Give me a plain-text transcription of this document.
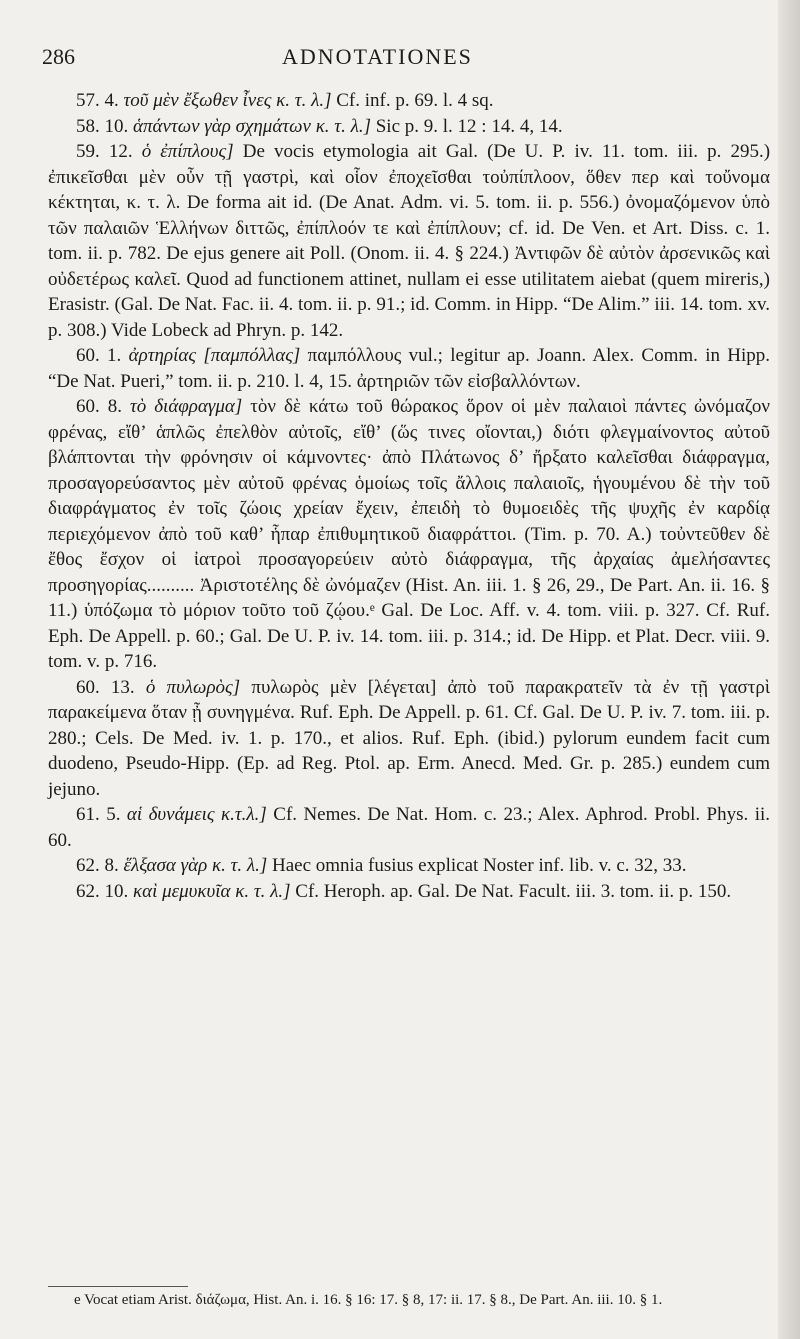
286	ADNOTATIONES

57. 4. τοῦ μὲν ἔξωθεν ἶνες κ. τ. λ.] Cf. inf. p. 69. l. 4 sq.

58. 10. ἁπάντων γὰρ σχημάτων κ. τ. λ.] Sic p. 9. l. 12 : 14. 4, 14.

59. 12. ὁ ἐπίπλους] De vocis etymologia ait Gal. (De U. P. iv. 11. tom. iii. p. 295.) ἐπικεῖσθαι μὲν οὖν τῇ γαστρὶ, καὶ οἷον ἐποχεῖσθαι τοὐπίπλοον, ὅθεν περ καὶ τοὔνομα κέκτηται, κ. τ. λ. De forma ait id. (De Anat. Adm. vi. 5. tom. ii. p. 556.) ὀνομαζόμενον ὑπὸ τῶν παλαιῶν Ἑλλήνων διττῶς, ἐπίπλοόν τε καὶ ἐπίπλουν; cf. id. De Ven. et Art. Diss. c. 1. tom. ii. p. 782. De ejus genere ait Poll. (Onom. ii. 4. § 224.) Ἀντιφῶν δὲ αὐτὸν ἀρσενικῶς καὶ οὐδετέρως καλεῖ. Quod ad functionem attinet, nullam ei esse utilitatem aiebat (quem mireris,) Erasistr. (Gal. De Nat. Fac. ii. 4. tom. ii. p. 91.; id. Comm. in Hipp. “De Alim.” iii. 14. tom. xv. p. 308.) Vide Lobeck ad Phryn. p. 142.

60. 1. ἀρτηρίας [παμπόλλας] παμπόλλους vul.; legitur ap. Joann. Alex. Comm. in Hipp. “De Nat. Pueri,” tom. ii. p. 210. l. 4, 15. ἀρτηριῶν τῶν εἰσβαλλόντων.

60. 8. τὸ διάφραγμα] τὸν δὲ κάτω τοῦ θώρακος ὅρον οἱ μὲν παλαιοὶ πάντες ὠνόμαζον φρένας, εἴθ’ ἁπλῶς ἐπελθὸν αὐτοῖς, εἴθ’ (ὥς τινες οἴονται,) διότι φλεγμαίνοντος αὐτοῦ βλάπτονται τὴν φρόνησιν οἱ κάμνοντες· ἀπὸ Πλάτωνος δ’ ἤρξατο καλεῖσθαι διάφραγμα, προσαγορεύσαντος μὲν αὐτοῦ φρένας ὁμοίως τοῖς ἄλλοις παλαιοῖς, ἡγουμένου δὲ τὴν τοῦ διαφράγματος ἐν τοῖς ζώοις χρείαν ἔχειν, ἐπειδὴ τὸ θυμοειδὲς τῆς ψυχῆς ἐν καρδίᾳ περιεχόμενον ἀπὸ τοῦ καθ’ ἧπαρ ἐπιθυμητικοῦ διαφράττοι. (Tim. p. 70. A.) τοὐντεῦθεν δὲ ἔθος ἔσχον οἱ ἰατροὶ προσαγορεύειν αὐτὸ διάφραγμα, τῆς ἀρχαίας ἀμελήσαντες προσηγορίας.......... Ἀριστοτέλης δὲ ὠνόμαζεν (Hist. An. iii. 1. § 26, 29., De Part. An. ii. 16. § 11.) ὑπόζωμα τὸ μόριον τοῦτο τοῦ ζῴου.ᵉ Gal. De Loc. Aff. v. 4. tom. viii. p. 327. Cf. Ruf. Eph. De Appell. p. 60.; Gal. De U. P. iv. 14. tom. iii. p. 314.; id. De Hipp. et Plat. Decr. viii. 9. tom. v. p. 716.

60. 13. ὁ πυλωρὸς] πυλωρὸς μὲν [λέγεται] ἀπὸ τοῦ παρακρατεῖν τὰ ἐν τῇ γαστρὶ παρακείμενα ὅταν ᾖ συνηγμένα. Ruf. Eph. De Appell. p. 61. Cf. Gal. De U. P. iv. 7. tom. iii. p. 280.; Cels. De Med. iv. 1. p. 170., et alios. Ruf. Eph. (ibid.) pylorum eundem facit cum duodeno, Pseudo-Hipp. (Ep. ad Reg. Ptol. ap. Erm. Anecd. Med. Gr. p. 285.) eundem cum jejuno.

61. 5. αἱ δυνάμεις κ.τ.λ.] Cf. Nemes. De Nat. Hom. c. 23.; Alex. Aphrod. Probl. Phys. ii. 60.

62. 8. ἕλξασα γὰρ κ. τ. λ.] Haec omnia fusius explicat Noster inf. lib. v. c. 32, 33.

62. 10. καὶ μεμυκυῖα κ. τ. λ.] Cf. Heroph. ap. Gal. De Nat. Facult. iii. 3. tom. ii. p. 150.

e Vocat etiam Arist. διάζωμα, Hist. An. i. 16. § 16: 17. § 8, 17: ii. 17. § 8., De Part. An. iii. 10. § 1.
